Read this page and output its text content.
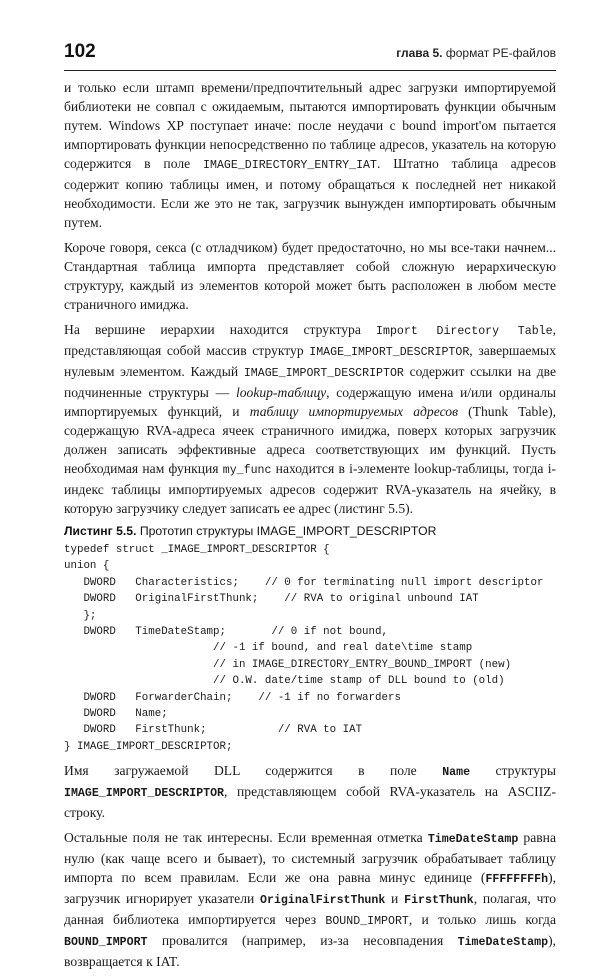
102	глава 5. формат PE-файлов

и только если штамп времени/предпочтительный адрес загрузки импортируемой библиотеки не совпал с ожидаемым, пытаются импортировать функции обычным путем. Windows XP поступает иначе: после неудачи с bound import'ом пытается импортировать функции непосредственно по таблице адресов, указатель на которую содержится в поле IMAGE_DIRECTORY_ENTRY_IAT. Штатно таблица адресов содержит копию таблицы имен, и потому обращаться к последней нет никакой необходимости. Если же это не так, загрузчик вынужден импортировать обычным путем.

Короче говоря, секса (с отладчиком) будет предостаточно, но мы все-таки начнем... Стандартная таблица импорта представляет собой сложную иерархическую структуру, каждый из элементов которой может быть расположен в любом месте страничного имиджа.

На вершине иерархии находится структура Import Directory Table, представляющая собой массив структур IMAGE_IMPORT_DESCRIPTOR, завершаемых нулевым элементом. Каждый IMAGE_IMPORT_DESCRIPTOR содержит ссылки на две подчиненные структуры — lookup-таблицу, содержащую имена и/или ординалы импортируемых функций, и таблицу импортируемых адресов (Thunk Table), содержащую RVA-адреса ячеек страничного имиджа, поверх которых загрузчик должен записать эффективные адреса соответствующих им функций. Пусть необходимая нам функция my_func находится в i-элементе lookup-таблицы, тогда i-индекс таблицы импортируемых адресов содержит RVA-указатель на ячейку, в которую загрузчику следует записать ее адрес (листинг 5.5).

Листинг 5.5. Прототип структуры IMAGE_IMPORT_DESCRIPTOR
typedef struct _IMAGE_IMPORT_DESCRIPTOR {
union {
DWORD   Characteristics;    // 0 for terminating null import descriptor
DWORD   OriginalFirstThunk;    // RVA to original unbound IAT
};
DWORD   TimeDateStamp;       // 0 if not bound,
// -1 if bound, and real date\time stamp
// in IMAGE_DIRECTORY_ENTRY_BOUND_IMPORT (new)
// O.W. date/time stamp of DLL bound to (old)
DWORD   ForwarderChain;    // -1 if no forwarders
DWORD   Name;
DWORD   FirstThunk;           // RVA to IAT
} IMAGE_IMPORT_DESCRIPTOR;

Имя загружаемой DLL содержится в поле Name структуры IMAGE_IMPORT_DESCRIPTOR, представляющем собой RVA-указатель на ASCIIZ-строку.

Остальные поля не так интересны. Если временная отметка TimeDateStamp равна нулю (как чаще всего и бывает), то системный загрузчик обрабатывает таблицу импорта по всем правилам. Если же она равна минус единице (FFFFFFFFh), загрузчик игнорирует указатели OriginalFirstThunk и FirstThunk, полагая, что данная библиотека импортируется через BOUND_IMPORT, и только лишь когда BOUND_IMPORT провалится (например, из-за несовпадения TimeDateStamp), возвращается к IAT.
